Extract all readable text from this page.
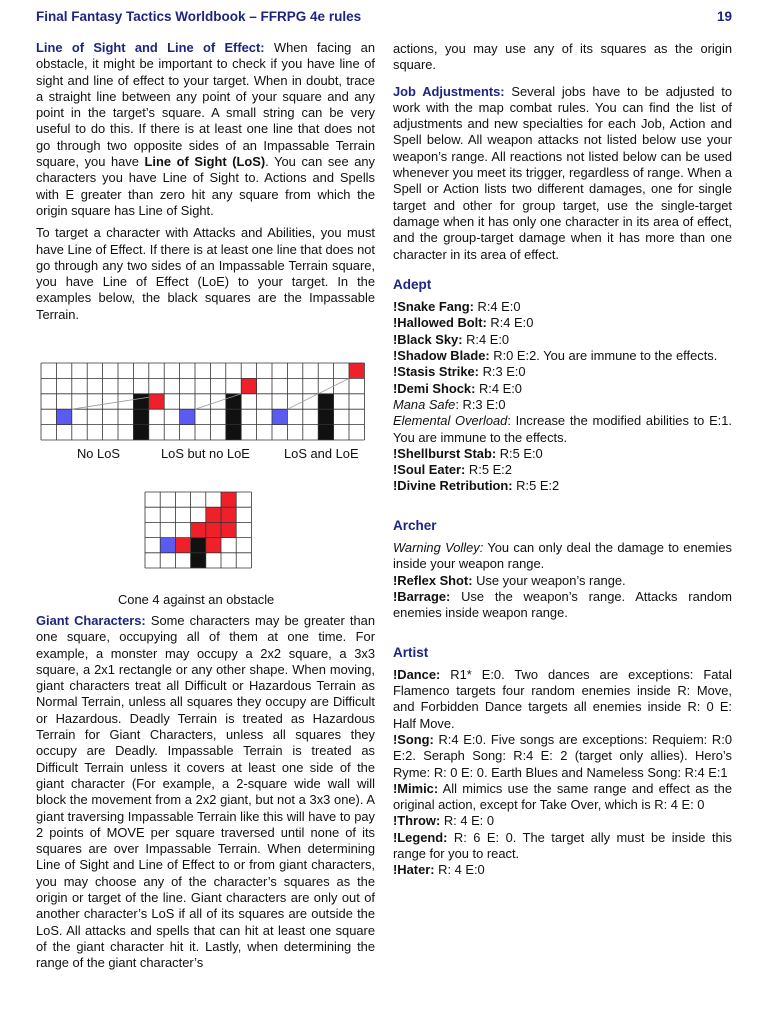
Final Fantasy Tactics Worldbook – FFRPG 4e rules	19

Line of Sight and Line of Effect: When facing an obstacle, it might be important to check if you have line of sight and line of effect to your target. When in doubt, trace a straight line between any point of your square and any point in the target’s square. A small string can be very useful to do this. If there is at least one line that does not go through two opposite sides of an Impassable Terrain square, you have Line of Sight (LoS). You can see any characters you have Line of Sight to. Actions and Spells with E greater than zero hit any square from which the origin square has Line of Sight.

To target a character with Attacks and Abilities, you must have Line of Effect. If there is at least one line that does not go through any two sides of an Impassable Terrain square, you have Line of Effect (LoE) to your target. In the examples below, the black squares are the Impassable Terrain.

No LoS	LoS but no LoE	LoS and LoE
Cone 4 against an obstacle

Giant Characters: Some characters may be greater than one square, occupying all of them at one time. For example, a monster may occupy a 2x2 square, a 3x3 square, a 2x1 rectangle or any other shape. When moving, giant characters treat all Difficult or Hazardous Terrain as Normal Terrain, unless all squares they occupy are Difficult or Hazardous. Deadly Terrain is treated as Hazardous Terrain for Giant Characters, unless all squares they occupy are Deadly. Impassable Terrain is treated as Difficult Terrain unless it covers at least one side of the giant character (For example, a 2-square wide wall will block the movement from a 2x2 giant, but not a 3x3 one). A giant traversing Impassable Terrain like this will have to pay 2 points of MOVE per square traversed until none of its squares are over Impassable Terrain. When determining Line of Sight and Line of Effect to or from giant characters, you may choose any of the character’s squares as the origin or target of the line. Giant characters are only out of another character’s LoS if all of its squares are outside the LoS. All attacks and spells that can hit at least one square of the giant character hit it. Lastly, when determining the range of the giant character’s

actions, you may use any of its squares as the origin square.

Job Adjustments: Several jobs have to be adjusted to work with the map combat rules. You can find the list of adjustments and new specialties for each Job, Action and Spell below. All weapon attacks not listed below use your weapon’s range. All reactions not listed below can be used whenever you meet its trigger, regardless of range. When a Spell or Action lists two different damages, one for single target and other for group target, use the single-target damage when it has only one character in its area of effect, and the group-target damage when it has more than one character in its area of effect.

Adept

!Snake Fang: R:4 E:0

!Hallowed Bolt: R:4 E:0

!Black Sky: R:4 E:0

!Shadow Blade: R:0 E:2. You are immune to the effects.

!Stasis Strike: R:3 E:0

!Demi Shock: R:4 E:0

Mana Safe: R:3 E:0

Elemental Overload: Increase the modified abilities to E:1. You are immune to the effects.

!Shellburst Stab: R:5 E:0

!Soul Eater: R:5 E:2

!Divine Retribution: R:5 E:2

Archer

Warning Volley: You can only deal the damage to enemies inside your weapon range.

!Reflex Shot: Use your weapon’s range.

!Barrage: Use the weapon’s range. Attacks random enemies inside weapon range.

Artist

!Dance: R1* E:0. Two dances are exceptions: Fatal Flamenco targets four random enemies inside R: Move, and Forbidden Dance targets all enemies inside R: 0 E: Half Move.

!Song: R:4 E:0. Five songs are exceptions: Requiem: R:0 E:2. Seraph Song: R:4 E: 2 (target only allies). Hero’s Ryme: R: 0 E: 0. Earth Blues and Nameless Song: R:4 E:1

!Mimic: All mimics use the same range and effect as the original action, except for Take Over, which is R: 4 E: 0

!Throw: R: 4 E: 0

!Legend: R: 6 E: 0. The target ally must be inside this range for you to react.

!Hater: R: 4 E:0
